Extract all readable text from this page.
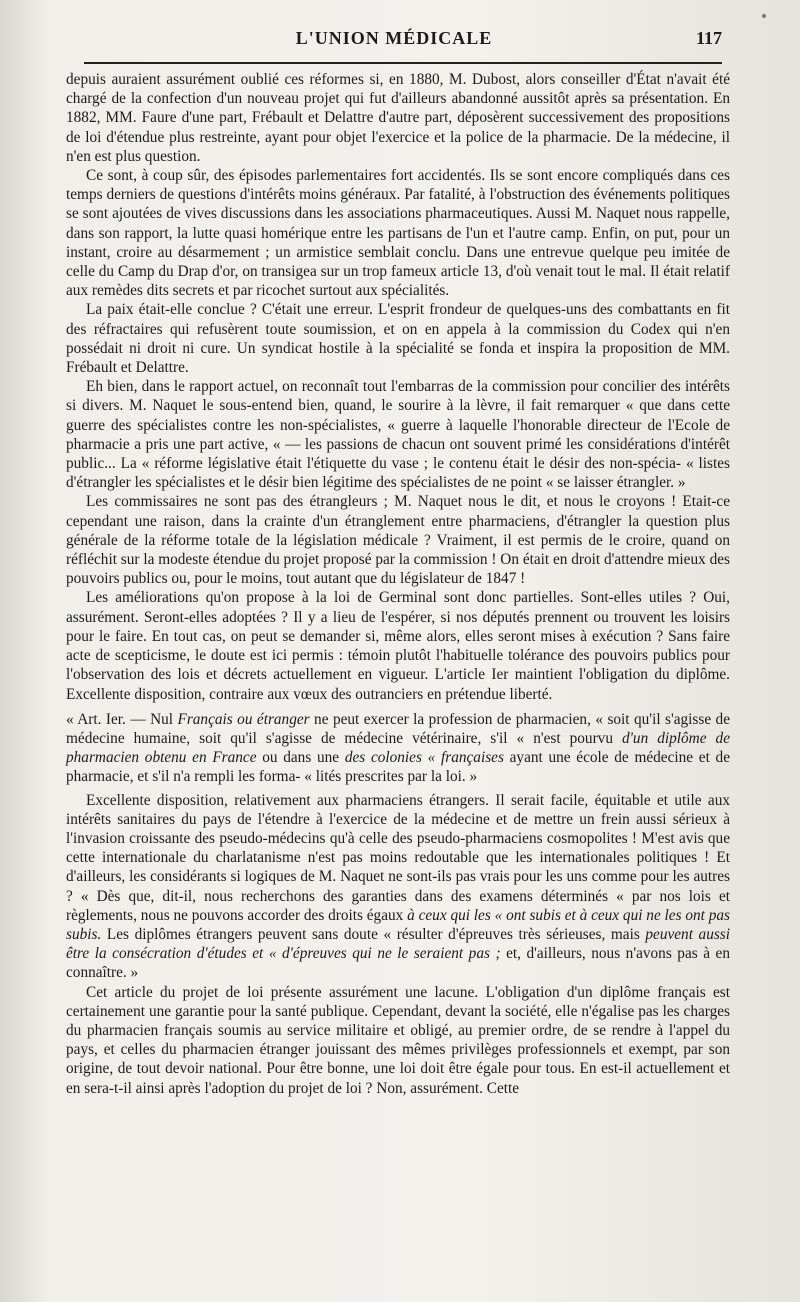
L'UNION MÉDICALE	117

depuis auraient assurément oublié ces réformes si, en 1880, M. Dubost, alors conseiller d'État n'avait été chargé de la confection d'un nouveau projet qui fut d'ailleurs abandonné aussitôt après sa présentation. En 1882, MM. Faure d'une part, Frébault et Delattre d'autre part, déposèrent successivement des propositions de loi d'étendue plus restreinte, ayant pour objet l'exercice et la police de la pharmacie. De la médecine, il n'en est plus question.

Ce sont, à coup sûr, des épisodes parlementaires fort accidentés. Ils se sont encore compliqués dans ces temps derniers de questions d'intérêts moins généraux. Par fatalité, à l'obstruction des événements politiques se sont ajoutées de vives discussions dans les associations pharmaceutiques. Aussi M. Naquet nous rappelle, dans son rapport, la lutte quasi homérique entre les partisans de l'un et l'autre camp. Enfin, on put, pour un instant, croire au désarmement ; un armistice semblait conclu. Dans une entrevue quelque peu imitée de celle du Camp du Drap d'or, on transigea sur un trop fameux article 13, d'où venait tout le mal. Il était relatif aux remèdes dits secrets et par ricochet surtout aux spécialités.

La paix était-elle conclue ? C'était une erreur. L'esprit frondeur de quelques-uns des combattants en fit des réfractaires qui refusèrent toute soumission, et on en appela à la commission du Codex qui n'en possédait ni droit ni cure. Un syndicat hostile à la spécialité se fonda et inspira la proposition de MM. Frébault et Delattre.

Eh bien, dans le rapport actuel, on reconnaît tout l'embarras de la commission pour concilier des intérêts si divers. M. Naquet le sous-entend bien, quand, le sourire à la lèvre, il fait remarquer « que dans cette guerre des spécialistes contre les non-spécialistes, « guerre à laquelle l'honorable directeur de l'Ecole de pharmacie a pris une part active, « — les passions de chacun ont souvent primé les considérations d'intérêt public... La « réforme législative était l'étiquette du vase ; le contenu était le désir des non-spécia- « listes d'étrangler les spécialistes et le désir bien légitime des spécialistes de ne point « se laisser étrangler. »

Les commissaires ne sont pas des étrangleurs ; M. Naquet nous le dit, et nous le croyons ! Etait-ce cependant une raison, dans la crainte d'un étranglement entre pharmaciens, d'étrangler la question plus générale de la réforme totale de la législation médicale ? Vraiment, il est permis de le croire, quand on réfléchit sur la modeste étendue du projet proposé par la commission ! On était en droit d'attendre mieux des pouvoirs publics ou, pour le moins, tout autant que du législateur de 1847 !

Les améliorations qu'on propose à la loi de Germinal sont donc partielles. Sont-elles utiles ? Oui, assurément. Seront-elles adoptées ? Il y a lieu de l'espérer, si nos députés prennent ou trouvent les loisirs pour le faire. En tout cas, on peut se demander si, même alors, elles seront mises à exécution ? Sans faire acte de scepticisme, le doute est ici permis : témoin plutôt l'habituelle tolérance des pouvoirs publics pour l'observation des lois et décrets actuellement en vigueur. L'article Ier maintient l'obligation du diplôme. Excellente disposition, contraire aux vœux des outranciers en prétendue liberté.

« Art. Ier. — Nul Français ou étranger ne peut exercer la profession de pharmacien, « soit qu'il s'agisse de médecine humaine, soit qu'il s'agisse de médecine vétérinaire, s'il « n'est pourvu d'un diplôme de pharmacien obtenu en France ou dans une des colonies « françaises ayant une école de médecine et de pharmacie, et s'il n'a rempli les forma- « lités prescrites par la loi. »

Excellente disposition, relativement aux pharmaciens étrangers. Il serait facile, équitable et utile aux intérêts sanitaires du pays de l'étendre à l'exercice de la médecine et de mettre un frein aussi sérieux à l'invasion croissante des pseudo-médecins qu'à celle des pseudo-pharmaciens cosmopolites ! M'est avis que cette internationale du charlatanisme n'est pas moins redoutable que les internationales politiques ! Et d'ailleurs, les considérants si logiques de M. Naquet ne sont-ils pas vrais pour les uns comme pour les autres ? « Dès que, dit-il, nous recherchons des garanties dans des examens déterminés « par nos lois et règlements, nous ne pouvons accorder des droits égaux à ceux qui les « ont subis et à ceux qui ne les ont pas subis. Les diplômes étrangers peuvent sans doute « résulter d'épreuves très sérieuses, mais peuvent aussi être la consécration d'études et « d'épreuves qui ne le seraient pas ; et, d'ailleurs, nous n'avons pas à en connaître. »

Cet article du projet de loi présente assurément une lacune. L'obligation d'un diplôme français est certainement une garantie pour la santé publique. Cependant, devant la société, elle n'égalise pas les charges du pharmacien français soumis au service militaire et obligé, au premier ordre, de se rendre à l'appel du pays, et celles du pharmacien étranger jouissant des mêmes privilèges professionnels et exempt, par son origine, de tout devoir national. Pour être bonne, une loi doit être égale pour tous. En est-il actuellement et en sera-t-il ainsi après l'adoption du projet de loi ? Non, assurément. Cette
